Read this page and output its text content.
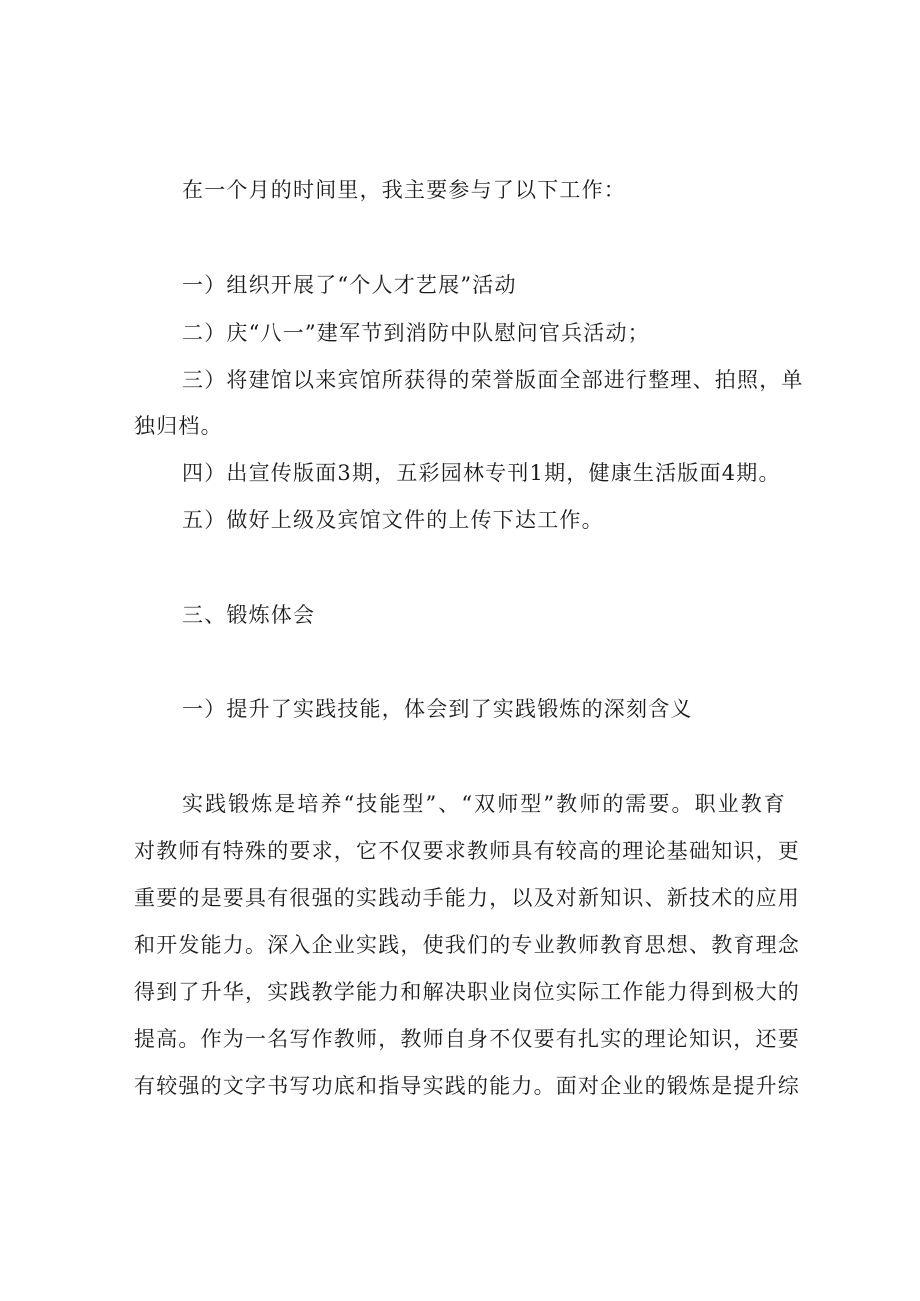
在一个月的时间里，我主要参与了以下工作：
一）组织开展了“个人才艺展”活动
二）庆“八一”建军节到消防中队慰问官兵活动；
三）将建馆以来宾馆所获得的荣誉版面全部进行整理、拍照，单
独归档。
四）出宣传版面3期，五彩园林专刊1期，健康生活版面4期。
五）做好上级及宾馆文件的上传下达工作。
三、锻炼体会
一）提升了实践技能，体会到了实践锻炼的深刻含义
实践锻炼是培养“技能型”、“双师型”教师的需要。职业教育
对教师有特殊的要求，它不仅要求教师具有较高的理论基础知识，更
重要的是要具有很强的实践动手能力，以及对新知识、新技术的应用
和开发能力。深入企业实践，使我们的专业教师教育思想、教育理念
得到了升华，实践教学能力和解决职业岗位实际工作能力得到极大的
提高。作为一名写作教师，教师自身不仅要有扎实的理论知识，还要
有较强的文字书写功底和指导实践的能力。面对企业的锻炼是提升综
